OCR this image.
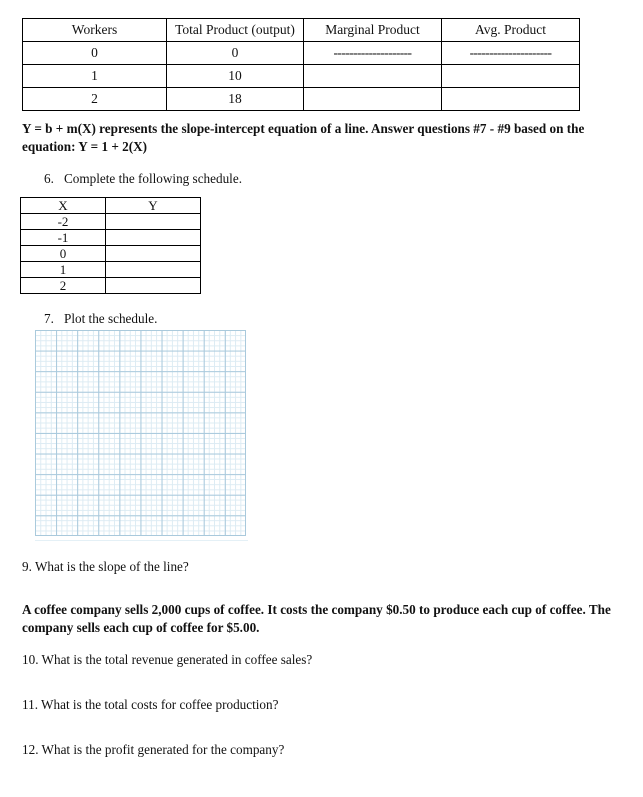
Workers	Total Product (output)	Marginal Product	Avg. Product
0	0	--------------------	---------------------
1	10		
2	18		
Y = b + m(X) represents the slope-intercept equation of a line. Answer questions #7 - #9 based on the
equation: Y = 1 + 2(X)
6. Complete the following schedule.
X	Y
-2	
-1	
0	
1	
2	
7. Plot the schedule.
9. What is the slope of the line?
A coffee company sells 2,000 cups of coffee. It costs the company $0.50 to produce each cup of coffee. The company sells each cup of coffee for $5.00.
10. What is the total revenue generated in coffee sales?
11. What is the total costs for coffee production?
12. What is the profit generated for the company?
